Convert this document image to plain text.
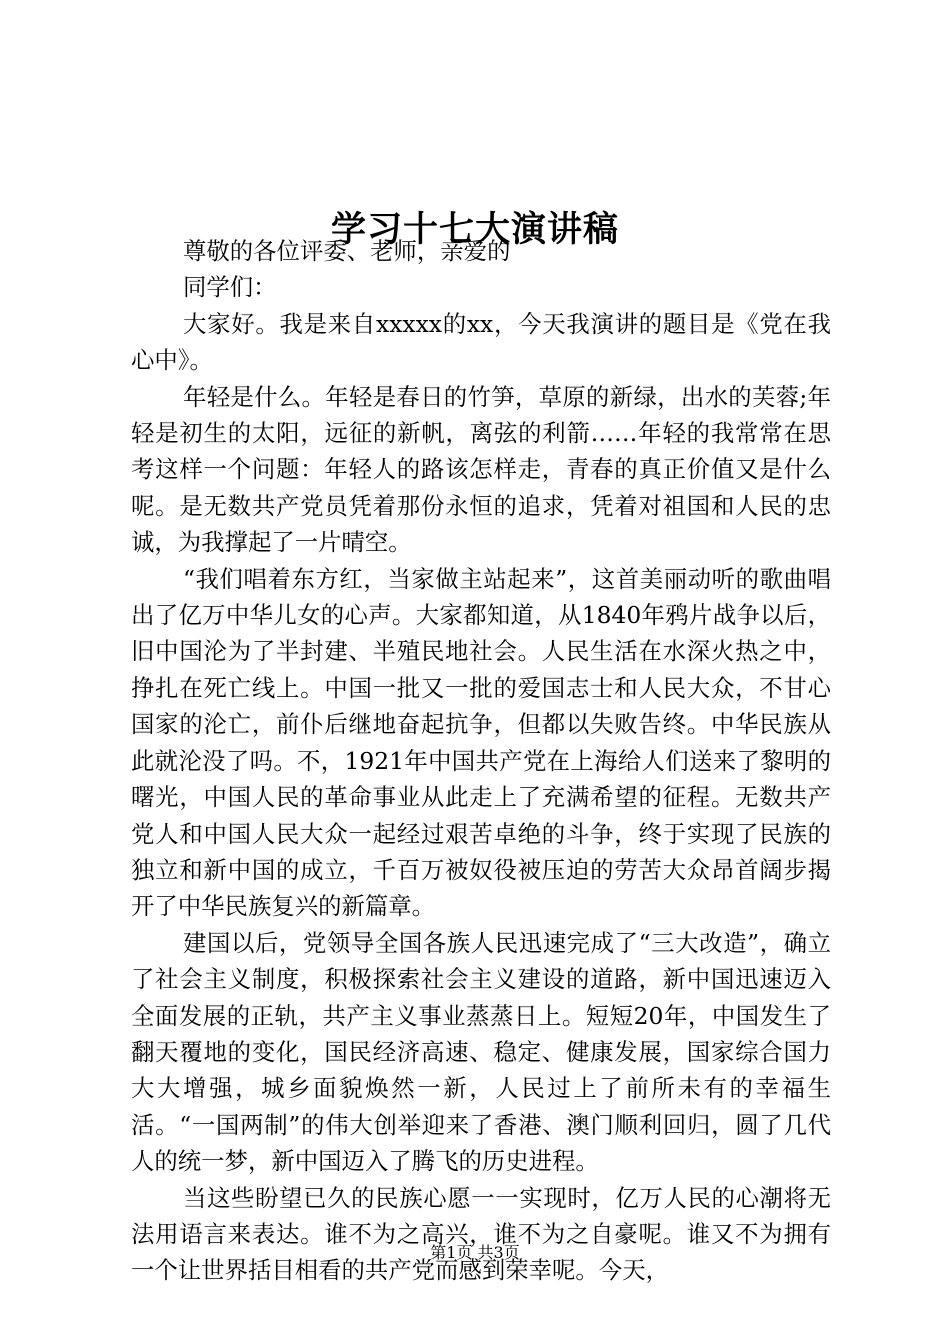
学习十七大演讲稿

尊敬的各位评委、老师，亲爱的

同学们：

大家好。我是来自xxxxx的xx，今天我演讲的题目是《党在我心中》。

年轻是什么。年轻是春日的竹笋，草原的新绿，出水的芙蓉;年轻是初生的太阳，远征的新帆，离弦的利箭……年轻的我常常在思考这样一个问题：年轻人的路该怎样走，青春的真正价值又是什么呢。是无数共产党员凭着那份永恒的追求，凭着对祖国和人民的忠诚，为我撑起了一片晴空。

“我们唱着东方红，当家做主站起来”，这首美丽动听的歌曲唱出了亿万中华儿女的心声。大家都知道，从1840年鸦片战争以后，旧中国沦为了半封建、半殖民地社会。人民生活在水深火热之中，挣扎在死亡线上。中国一批又一批的爱国志士和人民大众，不甘心国家的沦亡，前仆后继地奋起抗争，但都以失败告终。中华民族从此就沦没了吗。不，1921年中国共产党在上海给人们送来了黎明的曙光，中国人民的革命事业从此走上了充满希望的征程。无数共产党人和中国人民大众一起经过艰苦卓绝的斗争，终于实现了民族的独立和新中国的成立，千百万被奴役被压迫的劳苦大众昂首阔步揭开了中华民族复兴的新篇章。

建国以后，党领导全国各族人民迅速完成了“三大改造”，确立了社会主义制度，积极探索社会主义建设的道路，新中国迅速迈入全面发展的正轨，共产主义事业蒸蒸日上。短短20年，中国发生了翻天覆地的变化，国民经济高速、稳定、健康发展，国家综合国力大大增强，城乡面貌焕然一新，人民过上了前所未有的幸福生活。“一国两制”的伟大创举迎来了香港、澳门顺利回归，圆了几代人的统一梦，新中国迈入了腾飞的历史进程。

当这些盼望已久的民族心愿一一实现时，亿万人民的心潮将无法用语言来表达。谁不为之高兴，谁不为之自豪呢。谁又不为拥有一个让世界括目相看的共产党而感到荣幸呢。今天，

第1页 共3页
